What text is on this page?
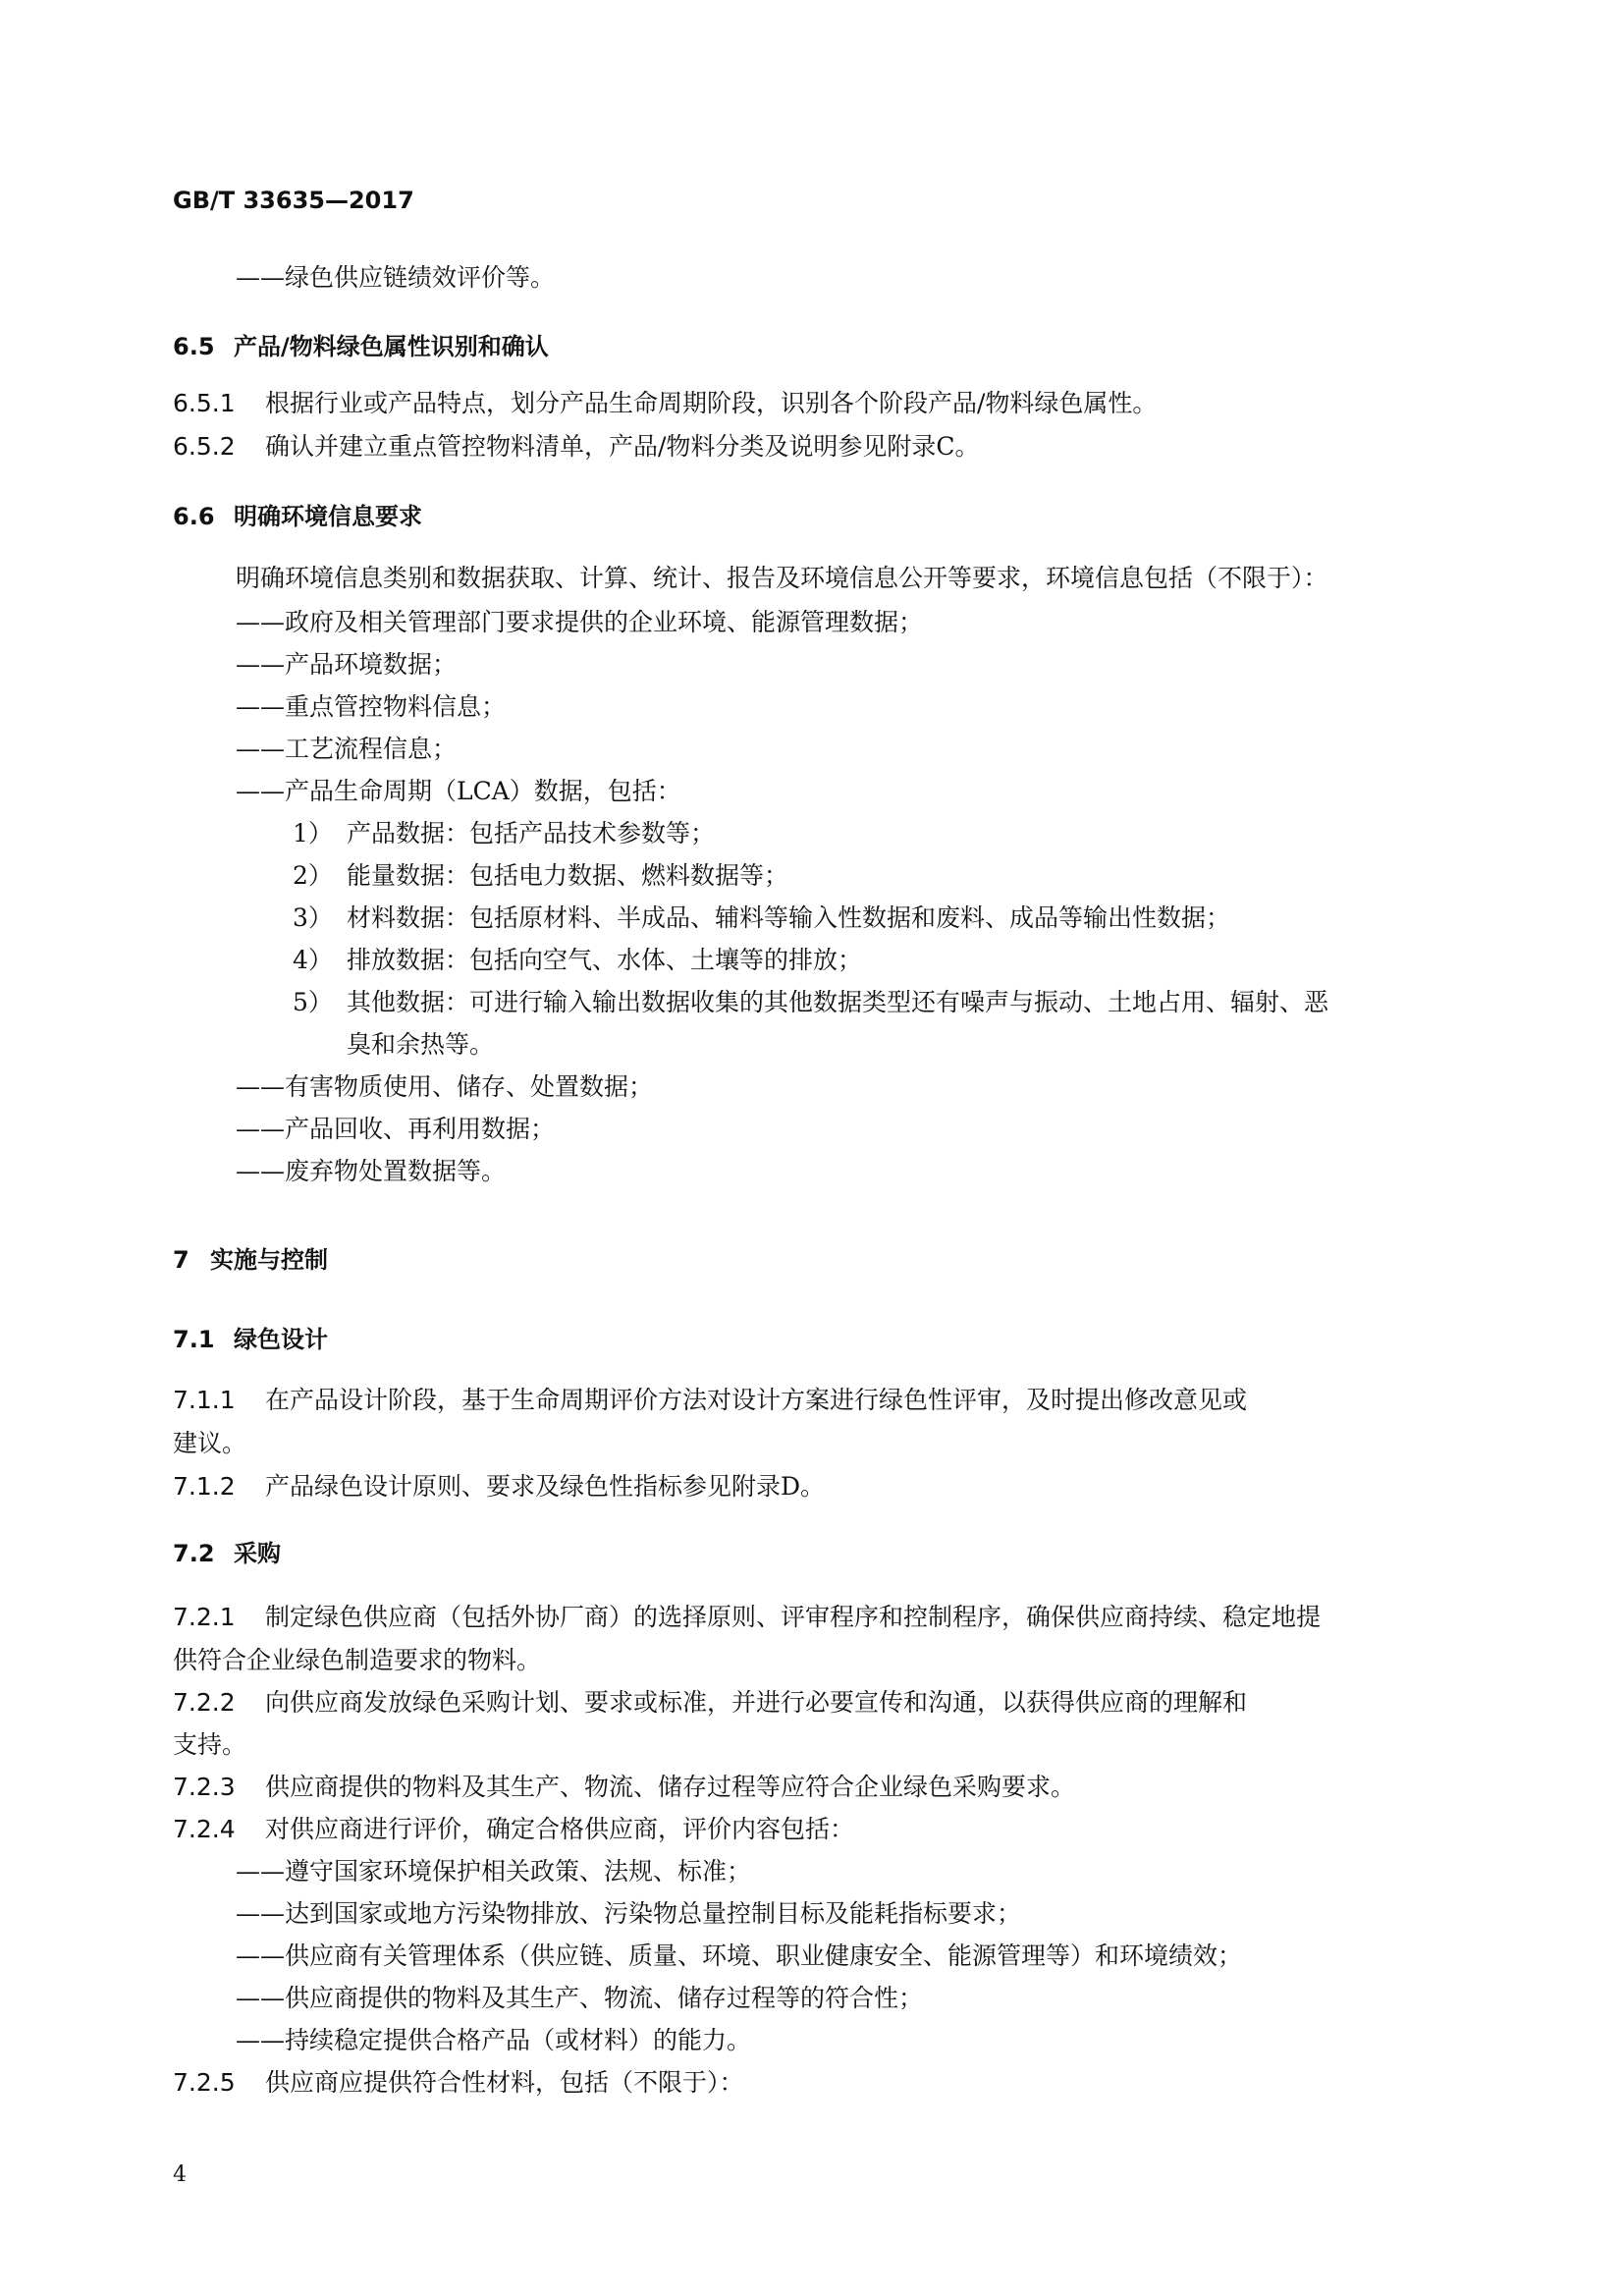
GB/T 33635—2017
——绿色供应链绩效评价等。
6.5 产品/物料绿色属性识别和确认
6.5.1 根据行业或产品特点，划分产品生命周期阶段，识别各个阶段产品/物料绿色属性。
6.5.2 确认并建立重点管控物料清单，产品/物料分类及说明参见附录C。
6.6 明确环境信息要求
明确环境信息类别和数据获取、计算、统计、报告及环境信息公开等要求，环境信息包括（不限于）：
——政府及相关管理部门要求提供的企业环境、能源管理数据；
——产品环境数据；
——重点管控物料信息；
——工艺流程信息；
——产品生命周期（LCA）数据，包括：
1） 产品数据：包括产品技术参数等；
2） 能量数据：包括电力数据、燃料数据等；
3） 材料数据：包括原材料、半成品、辅料等输入性数据和废料、成品等输出性数据；
4） 排放数据：包括向空气、水体、土壤等的排放；
5） 其他数据：可进行输入输出数据收集的其他数据类型还有噪声与振动、土地占用、辐射、恶
臭和余热等。
——有害物质使用、储存、处置数据；
——产品回收、再利用数据；
——废弃物处置数据等。
7 实施与控制
7.1 绿色设计
7.1.1 在产品设计阶段，基于生命周期评价方法对设计方案进行绿色性评审，及时提出修改意见或
建议。
7.1.2 产品绿色设计原则、要求及绿色性指标参见附录D。
7.2 采购
7.2.1 制定绿色供应商（包括外协厂商）的选择原则、评审程序和控制程序，确保供应商持续、稳定地提
供符合企业绿色制造要求的物料。
7.2.2 向供应商发放绿色采购计划、要求或标准，并进行必要宣传和沟通，以获得供应商的理解和
支持。
7.2.3 供应商提供的物料及其生产、物流、储存过程等应符合企业绿色采购要求。
7.2.4 对供应商进行评价，确定合格供应商，评价内容包括：
——遵守国家环境保护相关政策、法规、标准；
——达到国家或地方污染物排放、污染物总量控制目标及能耗指标要求；
——供应商有关管理体系（供应链、质量、环境、职业健康安全、能源管理等）和环境绩效；
——供应商提供的物料及其生产、物流、储存过程等的符合性；
——持续稳定提供合格产品（或材料）的能力。
7.2.5 供应商应提供符合性材料，包括（不限于）：
4
